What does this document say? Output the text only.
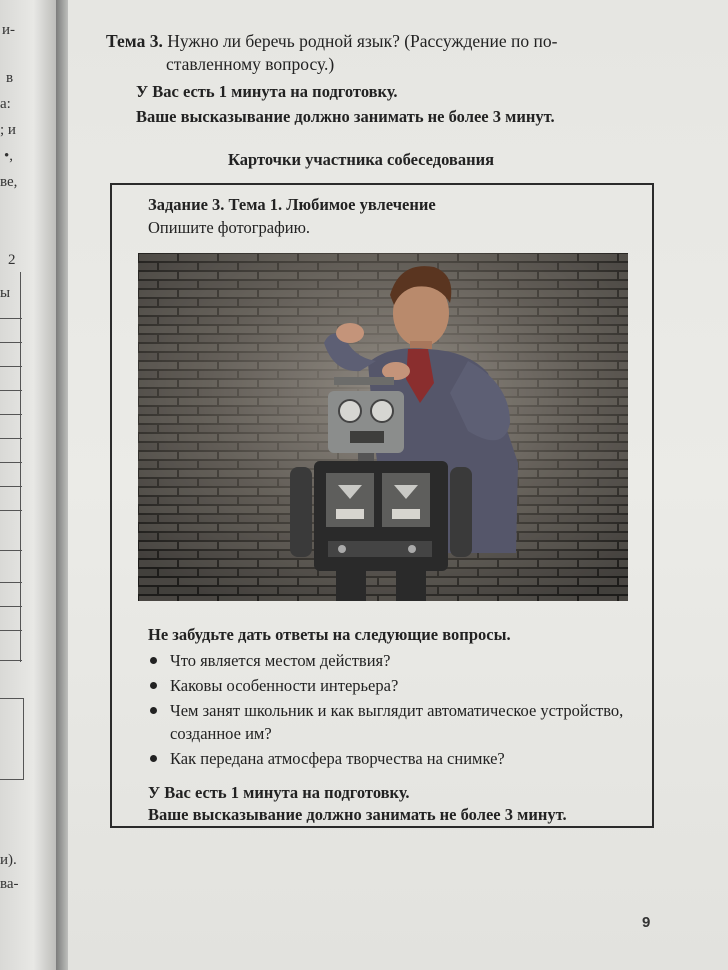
и-
в
а:
; и
•,
ве,
2
ы
и).
ва-
Тема 3. Нужно ли беречь родной язык? (Рассуждение по по-
ставленному вопросу.)
У Вас есть 1 минута на подготовку.
Ваше высказывание должно занимать не более 3 минут.
Карточки участника собеседования
Задание 3. Тема 1. Любимое увлечение
Опишите фотографию.
Не забудьте дать ответы на следующие вопросы.
Что является местом действия?
Каковы особенности интерьера?
Чем занят школьник и как выглядит автоматическое устройство, созданное им?
Как передана атмосфера творчества на снимке?
У Вас есть 1 минута на подготовку.
Ваше высказывание должно занимать не более 3 минут.
9
